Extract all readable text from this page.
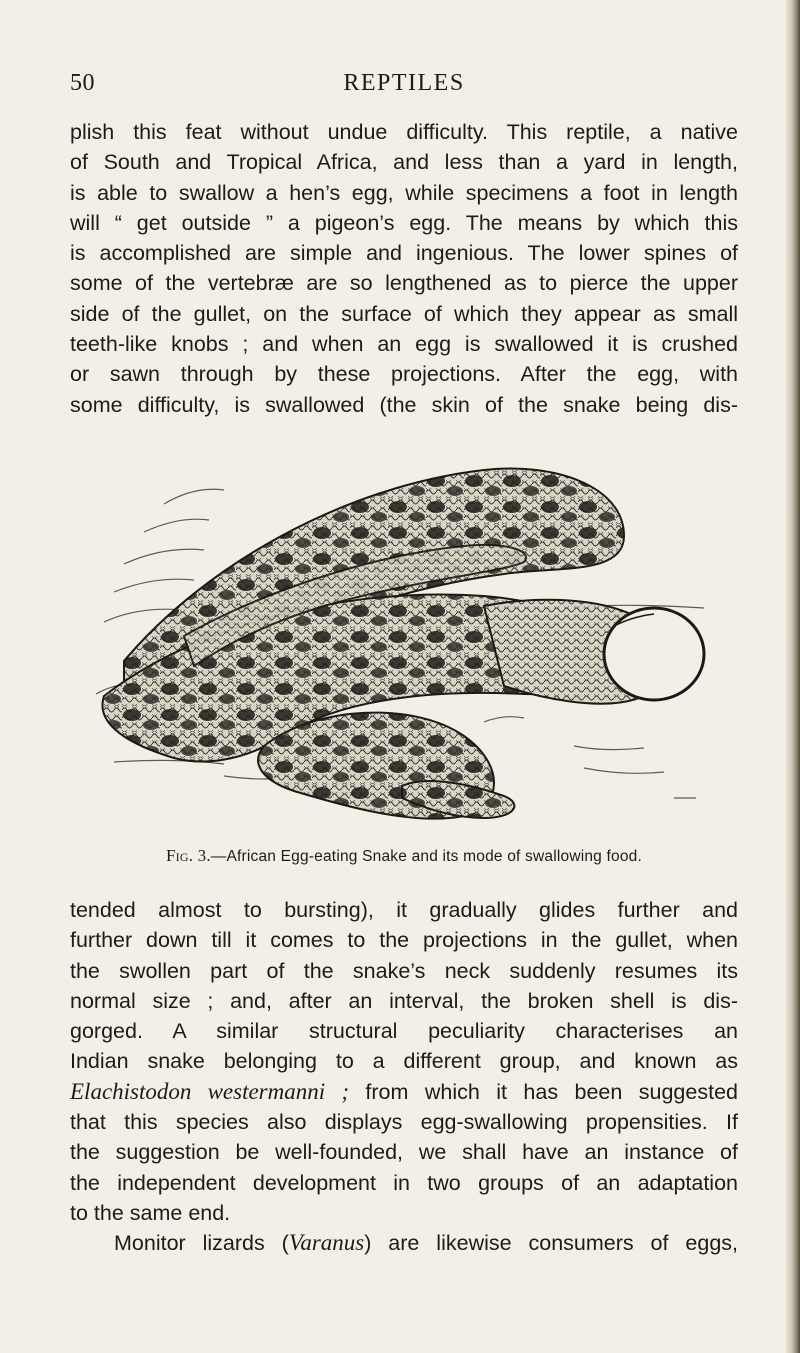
50	REPTILES
plish this feat without undue difficulty. This reptile, a native
of South and Tropical Africa, and less than a yard in length,
is able to swallow a hen’s egg, while specimens a foot in length
will “ get outside ” a pigeon’s egg. The means by which this
is accomplished are simple and ingenious. The lower spines of
some of the vertebræ are so lengthened as to pierce the upper
side of the gullet, on the surface of which they appear as small
teeth-like knobs ; and when an egg is swallowed it is crushed
or sawn through by these projections. After the egg, with
some difficulty, is swallowed (the skin of the snake being dis-
Fig. 3.—African Egg-eating Snake and its mode of swallowing food.
tended almost to bursting), it gradually glides further and
further down till it comes to the projections in the gullet, when
the swollen part of the snake’s neck suddenly resumes its
normal size ; and, after an interval, the broken shell is dis-
gorged. A similar structural peculiarity characterises an
Indian snake belonging to a different group, and known as
Elachistodon westermanni ; from which it has been suggested
that this species also displays egg-swallowing propensities. If
the suggestion be well-founded, we shall have an instance of
the independent development in two groups of an adaptation
to the same end.
Monitor lizards (Varanus) are likewise consumers of eggs,
